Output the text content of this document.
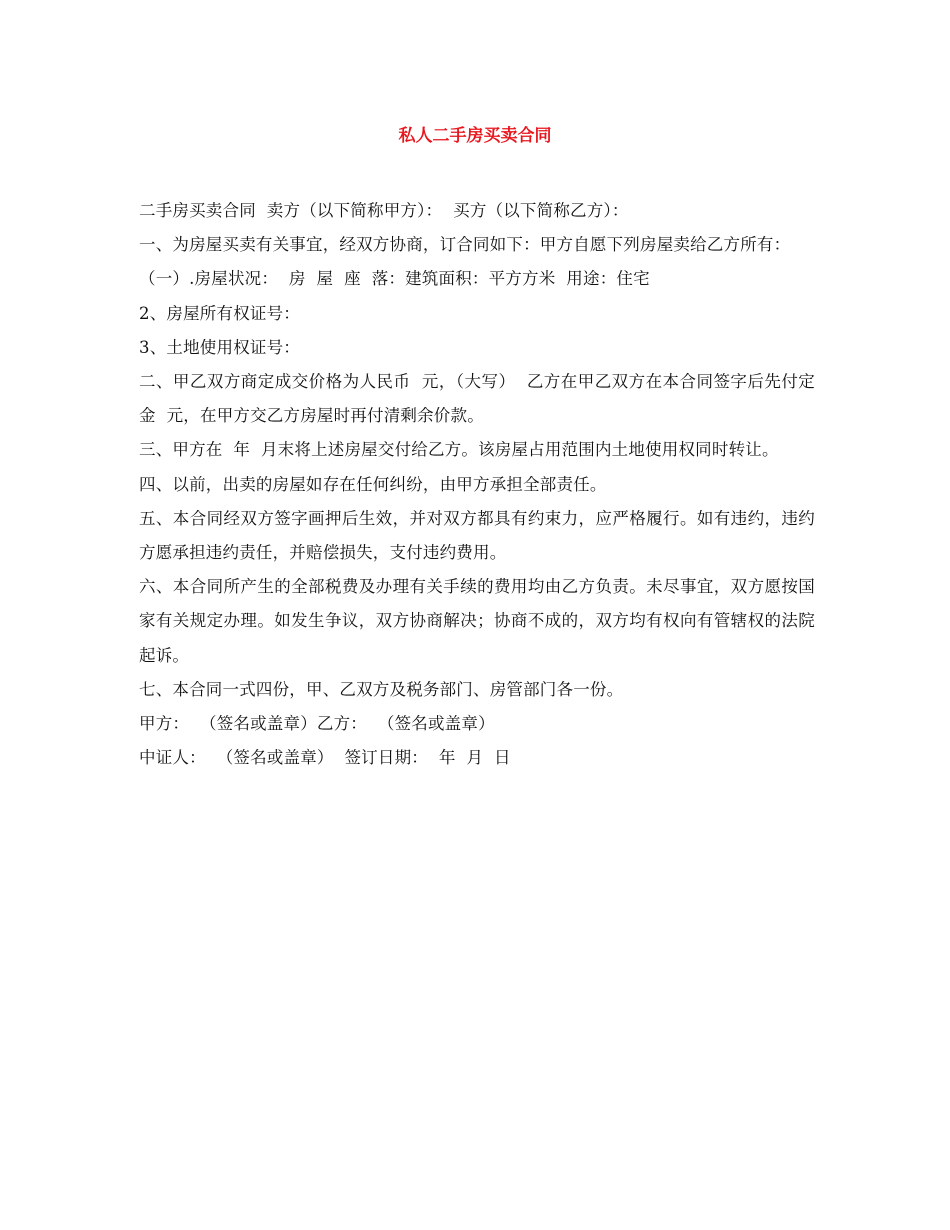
私人二手房买卖合同

二手房买卖合同  卖方（以下简称甲方）：  买方（以下简称乙方）：

一、为房屋买卖有关事宜，经双方协商，订合同如下：甲方自愿下列房屋卖给乙方所有：

（一）.房屋状况：  房  屋  座  落：建筑面积：平方方米  用途：住宅

2、房屋所有权证号：

3、土地使用权证号：

二、甲乙双方商定成交价格为人民币  元，（大写）  乙方在甲乙双方在本合同签字后先付定金  元，在甲方交乙方房屋时再付清剩余价款。

三、甲方在  年  月末将上述房屋交付给乙方。该房屋占用范围内土地使用权同时转让。

四、以前，出卖的房屋如存在任何纠纷，由甲方承担全部责任。

五、本合同经双方签字画押后生效，并对双方都具有约束力，应严格履行。如有违约，违约方愿承担违约责任，并赔偿损失，支付违约费用。

六、本合同所产生的全部税费及办理有关手续的费用均由乙方负责。未尽事宜，双方愿按国家有关规定办理。如发生争议，双方协商解决；协商不成的，双方均有权向有管辖权的法院起诉。

七、本合同一式四份，甲、乙双方及税务部门、房管部门各一份。

甲方：  （签名或盖章）乙方：  （签名或盖章）

中证人：  （签名或盖章）  签订日期：  年  月  日
